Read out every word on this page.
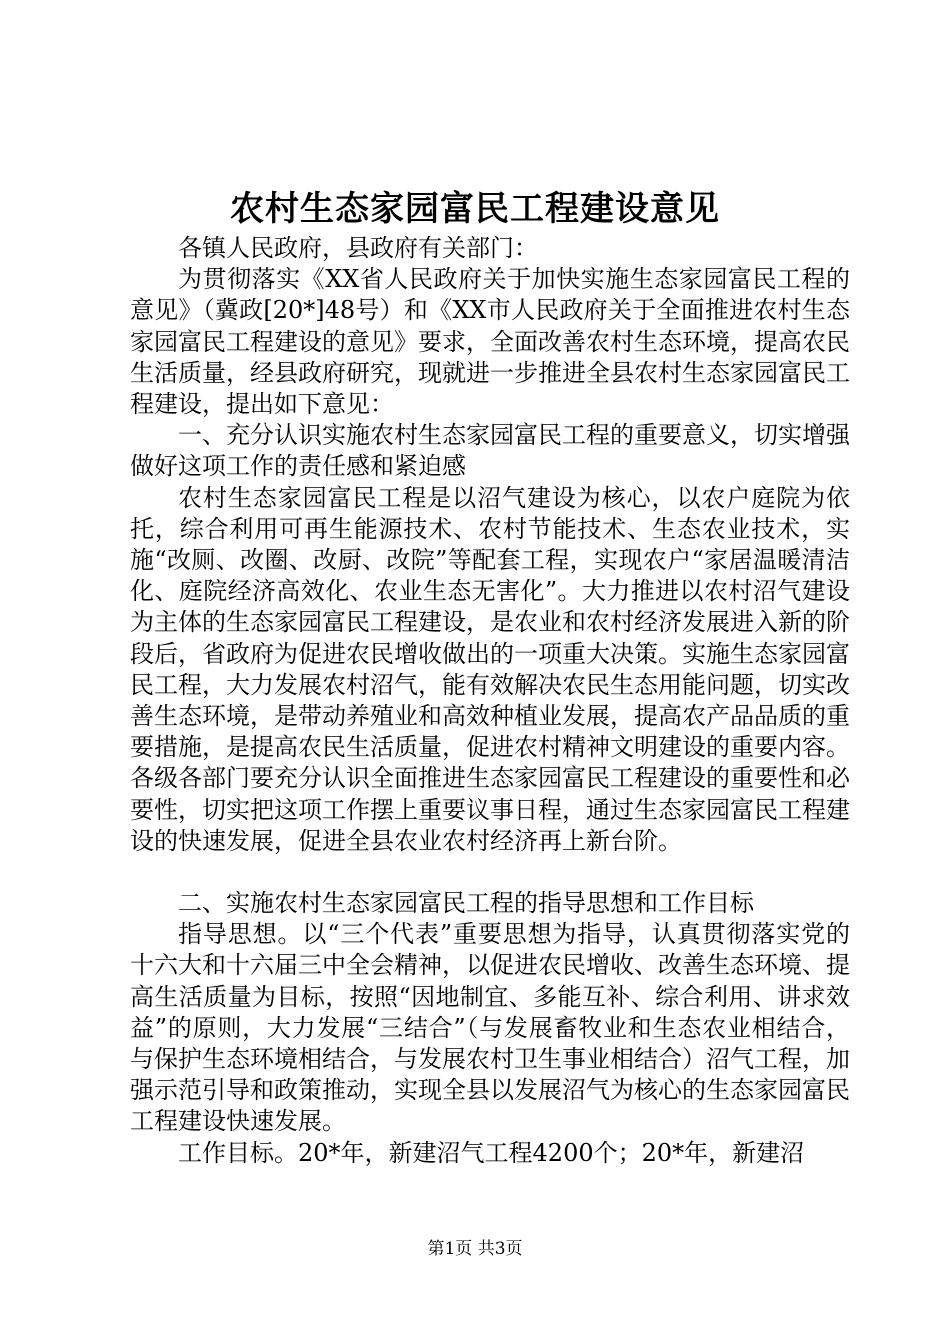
农村生态家园富民工程建设意见

各镇人民政府，县政府有关部门：

为贯彻落实《XX省人民政府关于加快实施生态家园富民工程的意见》（冀政[20*]48号）和《XX市人民政府关于全面推进农村生态家园富民工程建设的意见》要求，全面改善农村生态环境，提高农民生活质量，经县政府研究，现就进一步推进全县农村生态家园富民工程建设，提出如下意见：

一、充分认识实施农村生态家园富民工程的重要意义，切实增强做好这项工作的责任感和紧迫感

农村生态家园富民工程是以沼气建设为核心，以农户庭院为依托，综合利用可再生能源技术、农村节能技术、生态农业技术，实施“改厕、改圈、改厨、改院”等配套工程，实现农户“家居温暖清洁化、庭院经济高效化、农业生态无害化”。大力推进以农村沼气建设为主体的生态家园富民工程建设，是农业和农村经济发展进入新的阶段后，省政府为促进农民增收做出的一项重大决策。实施生态家园富民工程，大力发展农村沼气，能有效解决农民生态用能问题，切实改善生态环境，是带动养殖业和高效种植业发展，提高农产品品质的重要措施，是提高农民生活质量，促进农村精神文明建设的重要内容。各级各部门要充分认识全面推进生态家园富民工程建设的重要性和必要性，切实把这项工作摆上重要议事日程，通过生态家园富民工程建设的快速发展，促进全县农业农村经济再上新台阶。

二、实施农村生态家园富民工程的指导思想和工作目标

指导思想。以“三个代表”重要思想为指导，认真贯彻落实党的十六大和十六届三中全会精神，以促进农民增收、改善生态环境、提高生活质量为目标，按照“因地制宜、多能互补、综合利用、讲求效益”的原则，大力发展“三结合”（与发展畜牧业和生态农业相结合，与保护生态环境相结合，与发展农村卫生事业相结合）沼气工程，加强示范引导和政策推动，实现全县以发展沼气为核心的生态家园富民工程建设快速发展。

工作目标。20*年，新建沼气工程4200个；20*年，新建沼

第1页 共3页
